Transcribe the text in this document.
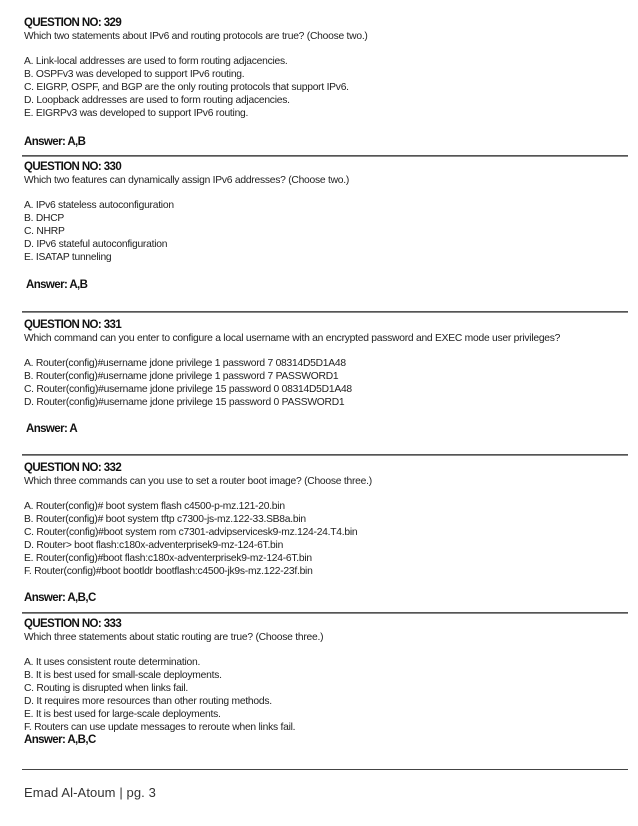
QUESTION NO: 329
Which two statements about IPv6 and routing protocols are true? (Choose two.)
A. Link-local addresses are used to form routing adjacencies.
B. OSPFv3 was developed to support IPv6 routing.
C. EIGRP, OSPF, and BGP are the only routing protocols that support IPv6.
D. Loopback addresses are used to form routing adjacencies.
E. EIGRPv3 was developed to support IPv6 routing.
Answer: A,B
QUESTION NO: 330
Which two features can dynamically assign IPv6 addresses? (Choose two.)
A. IPv6 stateless autoconfiguration
B. DHCP
C. NHRP
D. IPv6 stateful autoconfiguration
E. ISATAP tunneling
Answer: A,B
QUESTION NO: 331
Which command can you enter to configure a local username with an encrypted password and EXEC mode user privileges?
A. Router(config)#username jdone privilege 1 password 7 08314D5D1A48
B. Router(config)#username jdone privilege 1 password 7 PASSWORD1
C. Router(config)#username jdone privilege 15 password 0 08314D5D1A48
D. Router(config)#username jdone privilege 15 password 0 PASSWORD1
Answer: A
QUESTION NO: 332
Which three commands can you use to set a router boot image? (Choose three.)
A. Router(config)# boot system flash c4500-p-mz.121-20.bin
B. Router(config)# boot system tftp c7300-js-mz.122-33.SB8a.bin
C. Router(config)#boot system rom c7301-advipservicesk9-mz.124-24.T4.bin
D. Router> boot flash:c180x-adventerprisek9-mz-124-6T.bin
E. Router(config)#boot flash:c180x-adventerprisek9-mz-124-6T.bin
F. Router(config)#boot bootldr bootflash:c4500-jk9s-mz.122-23f.bin
Answer: A,B,C
QUESTION NO: 333
Which three statements about static routing are true? (Choose three.)
A. It uses consistent route determination.
B. It is best used for small-scale deployments.
C. Routing is disrupted when links fail.
D. It requires more resources than other routing methods.
E. It is best used for large-scale deployments.
F. Routers can use update messages to reroute when links fail.
Answer: A,B,C
Emad Al-Atoum | pg. 3
